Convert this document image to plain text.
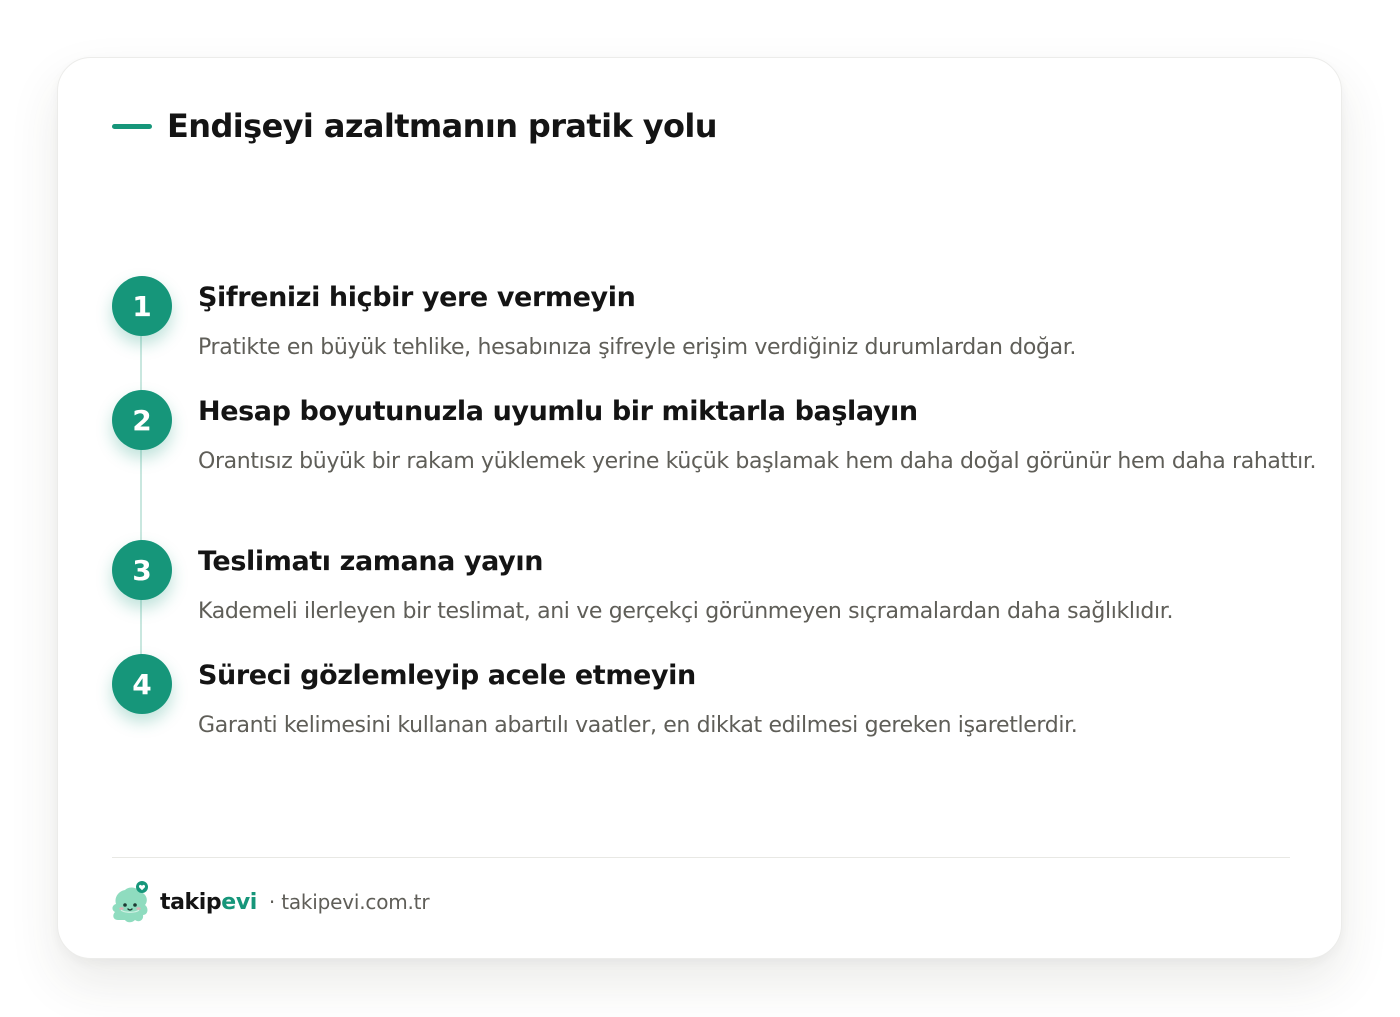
Endişeyi azaltmanın pratik yolu
1	Şifrenizi hiçbir yere vermeyin
Pratikte en büyük tehlike, hesabınıza şifreyle erişim verdiğiniz durumlardan doğar.
2	Hesap boyutunuzla uyumlu bir miktarla başlayın
Orantısız büyük bir rakam yüklemek yerine küçük başlamak hem daha doğal görünür hem daha rahattır.
3	Teslimatı zamana yayın
Kademeli ilerleyen bir teslimat, ani ve gerçekçi görünmeyen sıçramalardan daha sağlıklıdır.
4	Süreci gözlemleyip acele etmeyin
Garanti kelimesini kullanan abartılı vaatler, en dikkat edilmesi gereken işaretlerdir.
takip evi · takipevi.com.tr
